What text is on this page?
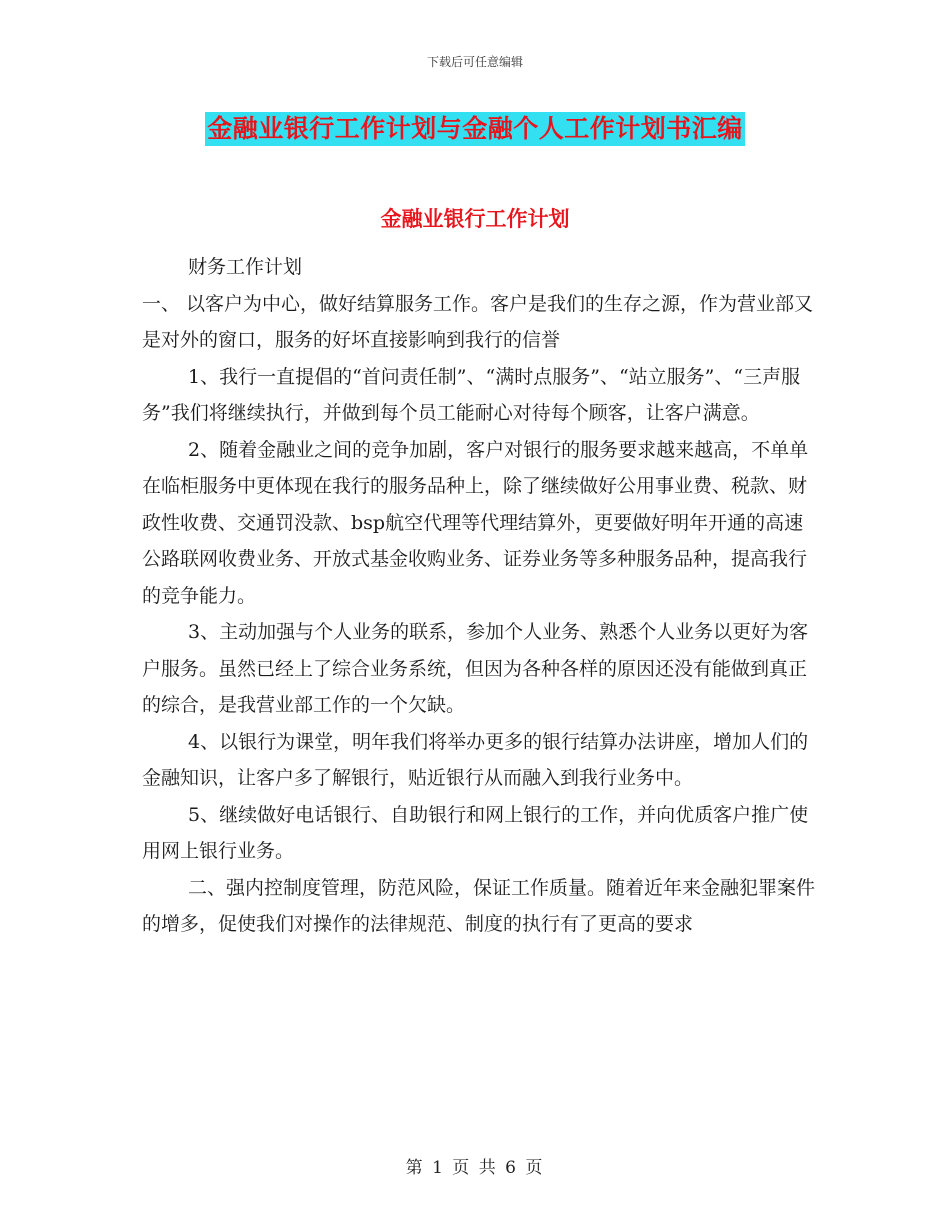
下载后可任意编辑
金融业银行工作计划与金融个人工作计划书汇编
金融业银行工作计划

财务工作计划

一、 以客户为中心，做好结算服务工作。客户是我们的生存之源，作为营业部又是对外的窗口，服务的好坏直接影响到我行的信誉

1、我行一直提倡的“首问责任制”、“满时点服务”、“站立服务”、“三声服务”我们将继续执行，并做到每个员工能耐心对待每个顾客，让客户满意。

2、随着金融业之间的竞争加剧，客户对银行的服务要求越来越高，不单单在临柜服务中更体现在我行的服务品种上，除了继续做好公用事业费、税款、财政性收费、交通罚没款、bsp航空代理等代理结算外，更要做好明年开通的高速公路联网收费业务、开放式基金收购业务、证券业务等多种服务品种，提高我行的竞争能力。

3、主动加强与个人业务的联系，参加个人业务、熟悉个人业务以更好为客户服务。虽然已经上了综合业务系统，但因为各种各样的原因还没有能做到真正的综合，是我营业部工作的一个欠缺。

4、以银行为课堂，明年我们将举办更多的银行结算办法讲座，增加人们的金融知识，让客户多了解银行，贴近银行从而融入到我行业务中。

5、继续做好电话银行、自助银行和网上银行的工作，并向优质客户推广使用网上银行业务。

二、强内控制度管理，防范风险，保证工作质量。随着近年来金融犯罪案件的增多，促使我们对操作的法律规范、制度的执行有了更高的要求

第 1 页 共 6 页
